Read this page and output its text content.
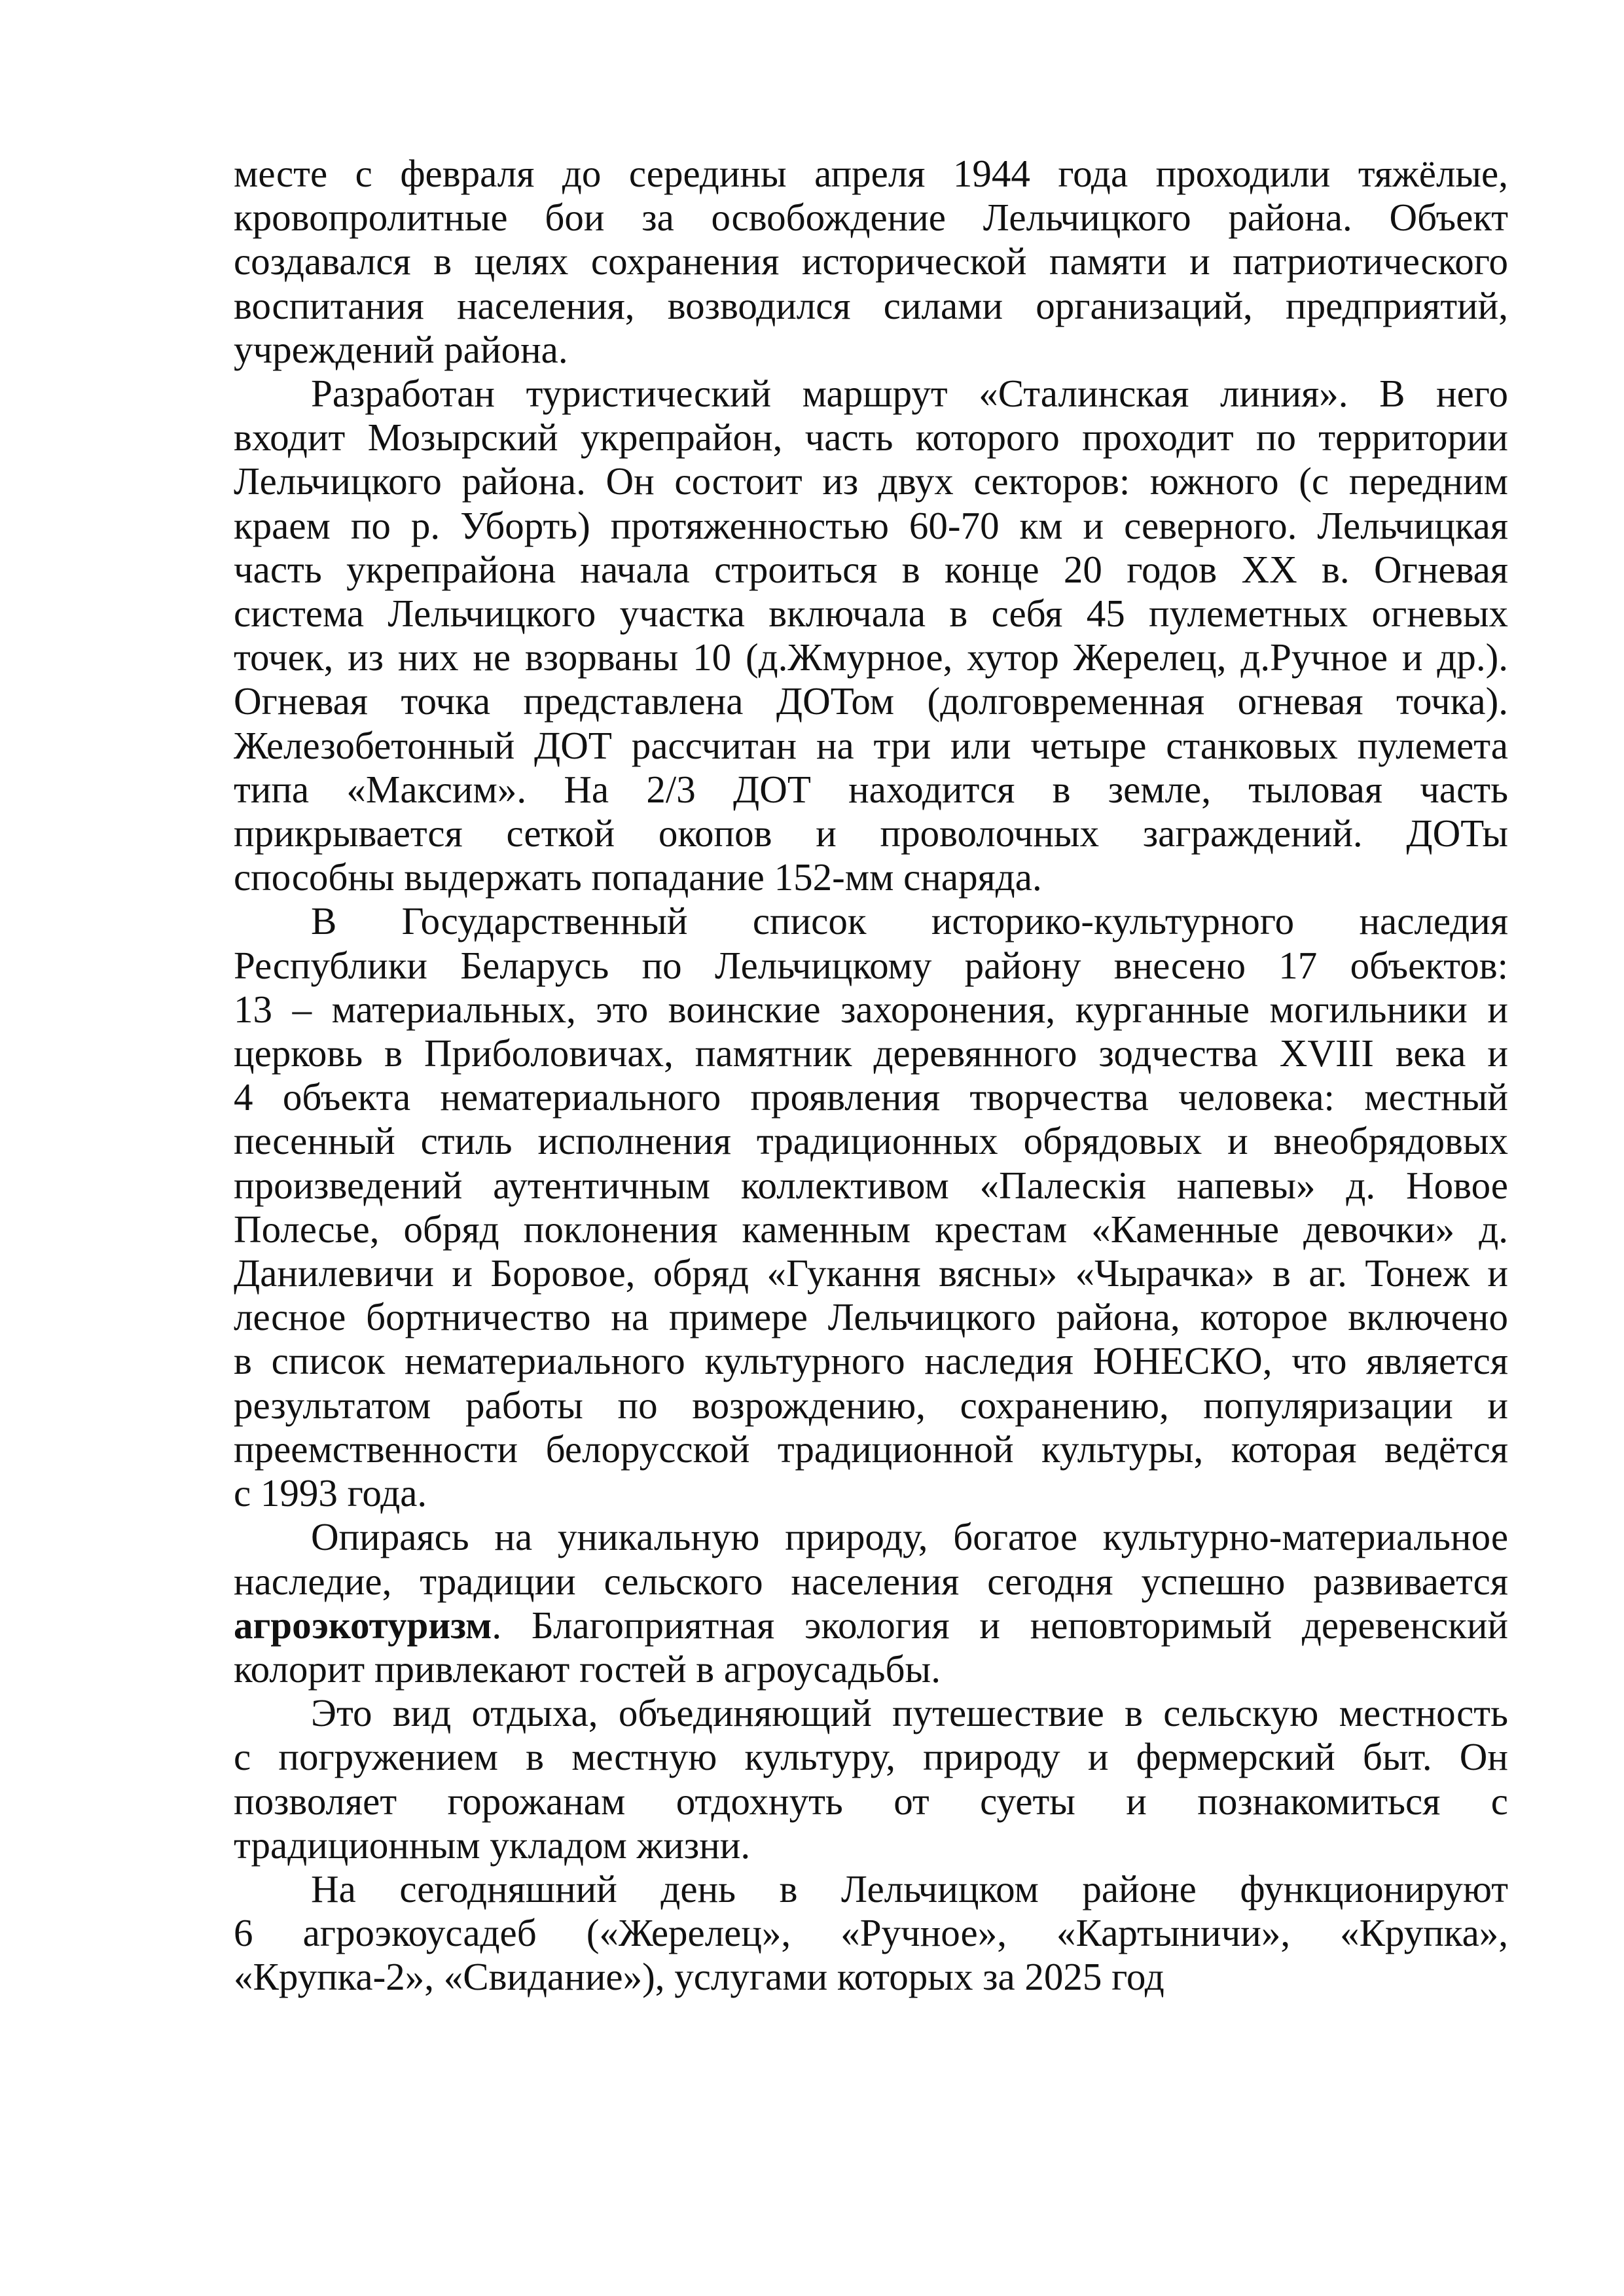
месте с февраля до середины апреля 1944 года проходили тяжёлые,
кровопролитные бои за освобождение Лельчицкого района. Объект
создавался в целях сохранения исторической памяти и патриотического
воспитания населения, возводился силами организаций, предприятий,
учреждений района.
Разработан туристический маршрут «Сталинская линия». В него
входит Мозырский укрепрайон, часть которого проходит по территории
Лельчицкого района. Он состоит из двух секторов: южного (с передним
краем по р. Уборть) протяженностью 60-70 км и северного. Лельчицкая
часть укрепрайона начала строиться в конце 20 годов XX в. Огневая
система Лельчицкого участка включала в себя 45 пулеметных огневых
точек, из них не взорваны 10 (д.Жмурное, хутор Жерелец, д.Ручное и др.).
Огневая точка представлена ДОТом (долговременная огневая точка).
Железобетонный ДОТ рассчитан на три или четыре станковых пулемета
типа «Максим». На 2/3 ДОТ находится в земле, тыловая часть
прикрывается сеткой окопов и проволочных заграждений. ДОТы
способны выдержать попадание 152-мм снаряда.
В Государственный список историко-культурного наследия
Республики Беларусь по Лельчицкому району внесено 17 объектов:
13 – материальных, это воинские захоронения, курганные могильники и
церковь в Приболовичах, памятник деревянного зодчества XVIII века и
4 объекта нематериального проявления творчества человека: местный
песенный стиль исполнения традиционных обрядовых и внеобрядовых
произведений аутентичным коллективом «Палескія напевы» д. Новое
Полесье, обряд поклонения каменным крестам «Каменные девочки» д.
Данилевичи и Боровое, обряд «Гукання вясны» «Чырачка» в аг. Тонеж и
лесное бортничество на примере Лельчицкого района, которое включено
в список нематериального культурного наследия ЮНЕСКО, что является
результатом работы по возрождению, сохранению, популяризации и
преемственности белорусской традиционной культуры, которая ведётся
с 1993 года.
Опираясь на уникальную природу, богатое культурно-материальное
наследие, традиции сельского населения сегодня успешно развивается
агроэкотуризм. Благоприятная экология и неповторимый деревенский
колорит привлекают гостей в агроусадьбы.
Это вид отдыха, объединяющий путешествие в сельскую местность
с погружением в местную культуру, природу и фермерский быт. Он
позволяет горожанам отдохнуть от суеты и познакомиться с
традиционным укладом жизни.
На сегодняшний день в Лельчицком районе функционируют
6 агроэкоусадеб («Жерелец», «Ручное», «Картыничи», «Крупка»,
«Крупка-2», «Свидание»), услугами которых за 2025 год
